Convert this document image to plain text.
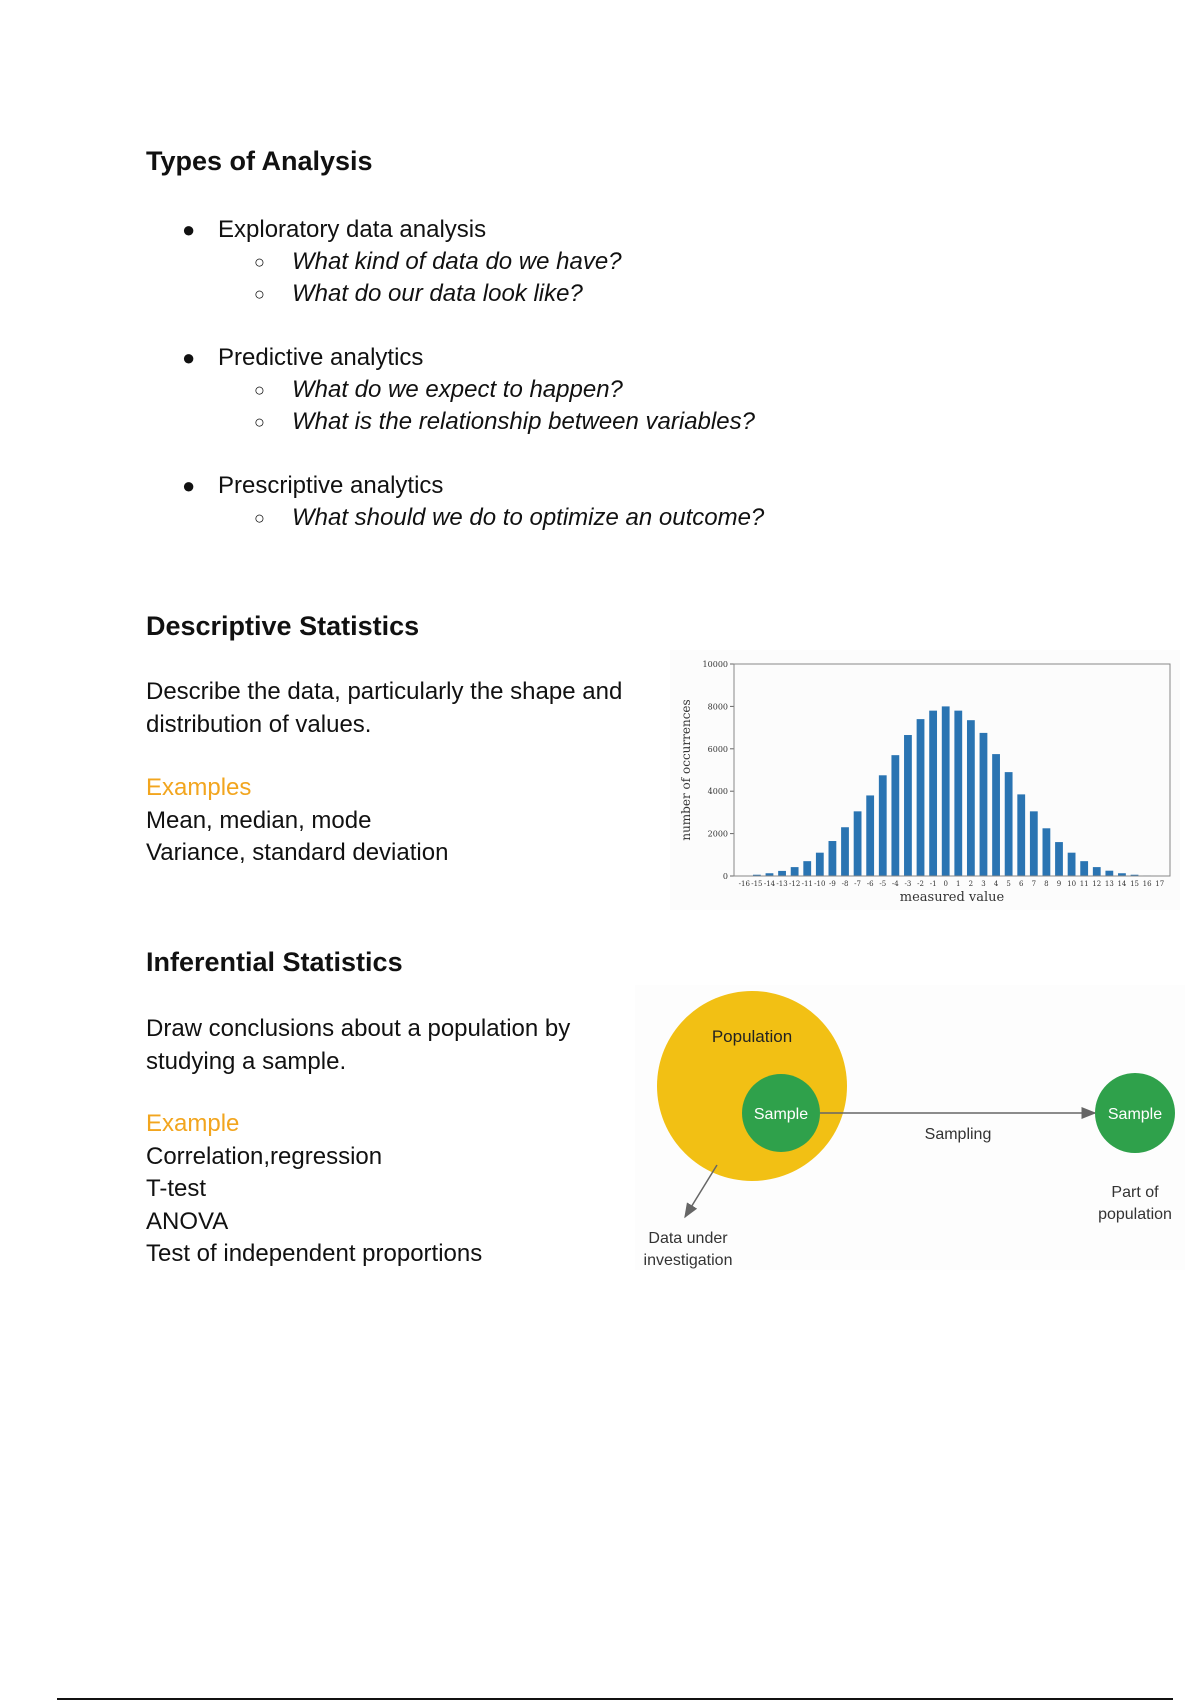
Types of Analysis
● Exploratory data analysis
○ What kind of data do we have?
○ What do our data look like?
● Predictive analytics
○ What do we expect to happen?
○ What is the relationship between variables?
● Prescriptive analytics
○ What should we do to optimize an outcome?
Descriptive Statistics
Describe the data, particularly the shape and
distribution of values.
Examples
Mean, median, mode
Variance, standard deviation
0
2000
4000
6000
8000
10000
-16 -15 -14 -13 -12 -11 -10 -9 -8 -7 -6 -5 -4 -3 -2 -1 0 1 2 3 4 5 6 7 8 9 10 11 12 13 14 15 16 17
measured value
number of occurrences
Inferential Statistics
Draw conclusions about a population by
studying a sample.
Example
Correlation,regression
T-test
ANOVA
Test of independent proportions
Population
Sample
Sampling
Sample
Data under
investigation
Part of
population
